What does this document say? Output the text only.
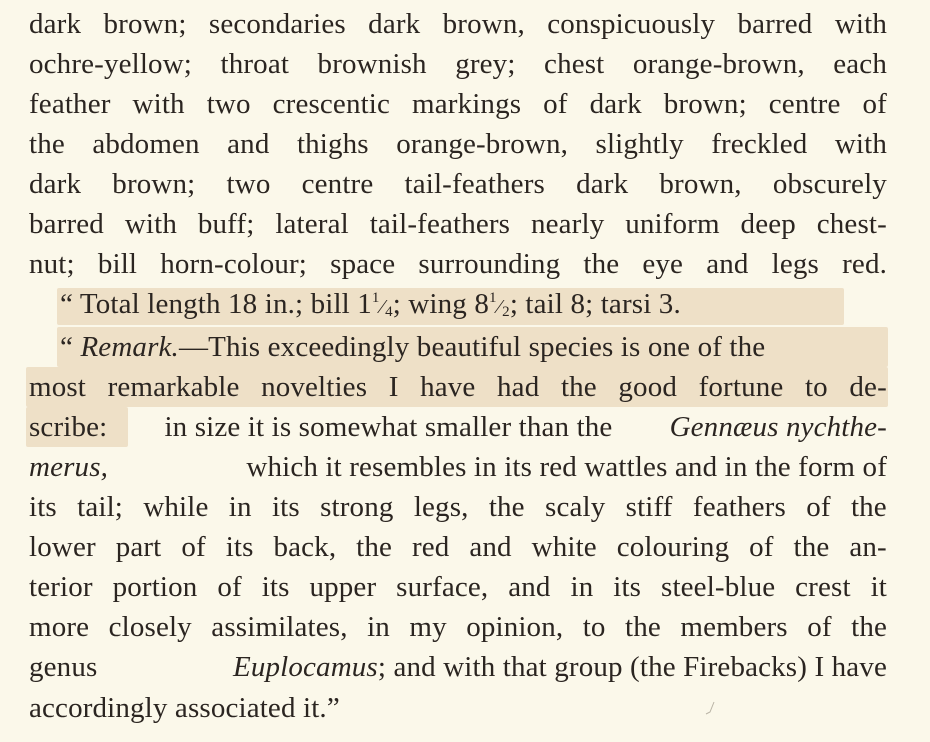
dark brown; secondaries dark brown, conspicuously barred with
ochre-yellow; throat brownish grey; chest orange-brown, each
feather with two crescentic markings of dark brown; centre of
the abdomen and thighs orange-brown, slightly freckled with
dark brown; two centre tail-feathers dark brown, obscurely
barred with buff; lateral tail-feathers nearly uniform deep chest-
nut; bill horn-colour; space surrounding the eye and legs red.
“ Total length 18 in.; bill 1 1 ⁄ 4 ; wing 8 1 ⁄ 2 ; tail 8; tarsi 3.
“ Remark.—This exceedingly beautiful species is one of the
most remarkable novelties I have had the good fortune to de-
scribe: in size it is somewhat smaller than the Gennæus nychthe-
merus,	which it resembles in its red wattles and in the form of
its tail; while in its strong legs, the scaly stiff feathers of the
lower part of its back, the red and white colouring of the an-
terior portion of its upper surface, and in its steel-blue crest it
more closely assimilates, in my opinion, to the members of the
genus	Euplocamus; and with that group (the Firebacks) I have
accordingly associated it.”
